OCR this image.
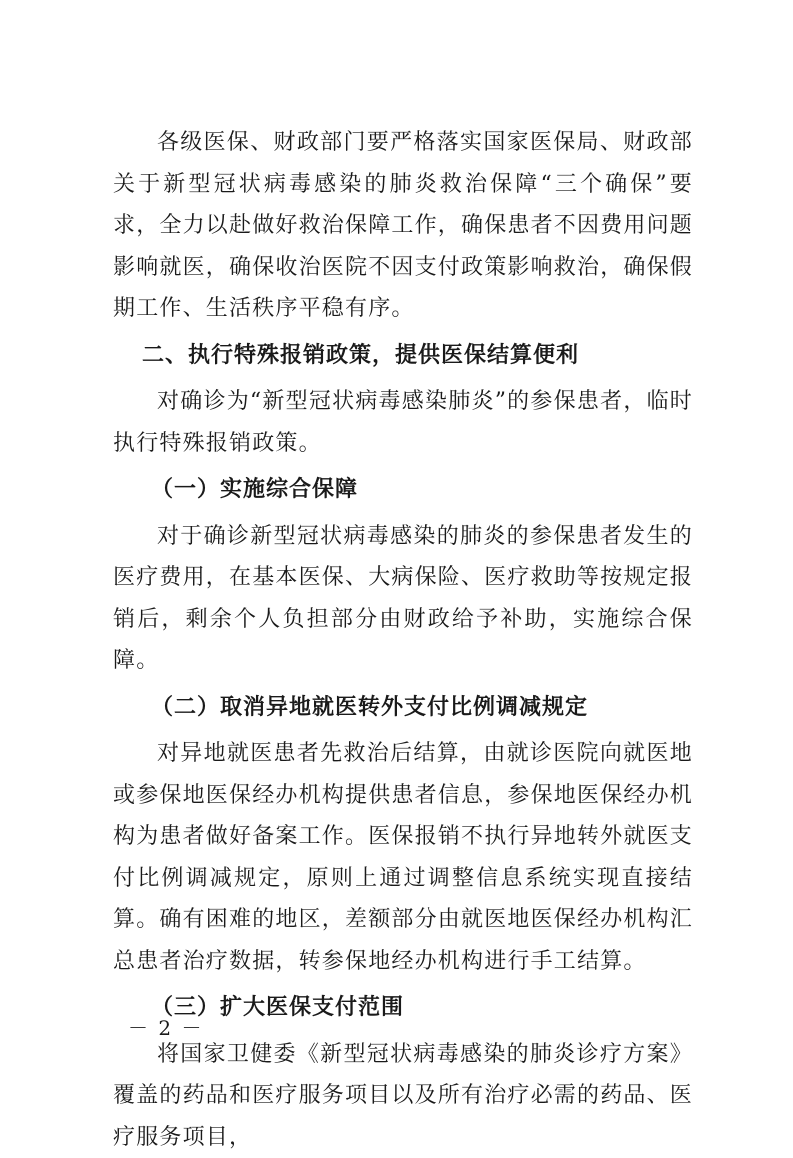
各级医保、财政部门要严格落实国家医保局、财政部关于新型冠状病毒感染的肺炎救治保障“三个确保”要求，全力以赴做好救治保障工作，确保患者不因费用问题影响就医，确保收治医院不因支付政策影响救治，确保假期工作、生活秩序平稳有序。

二、执行特殊报销政策，提供医保结算便利

对确诊为“新型冠状病毒感染肺炎”的参保患者，临时执行特殊报销政策。

（一）实施综合保障

对于确诊新型冠状病毒感染的肺炎的参保患者发生的医疗费用，在基本医保、大病保险、医疗救助等按规定报销后，剩余个人负担部分由财政给予补助，实施综合保障。

（二）取消异地就医转外支付比例调减规定

对异地就医患者先救治后结算，由就诊医院向就医地或参保地医保经办机构提供患者信息，参保地医保经办机构为患者做好备案工作。医保报销不执行异地转外就医支付比例调减规定，原则上通过调整信息系统实现直接结算。确有困难的地区，差额部分由就医地医保经办机构汇总患者治疗数据，转参保地经办机构进行手工结算。

（三）扩大医保支付范围

将国家卫健委《新型冠状病毒感染的肺炎诊疗方案》覆盖的药品和医疗服务项目以及所有治疗必需的药品、医疗服务项目，

－ 2 －
